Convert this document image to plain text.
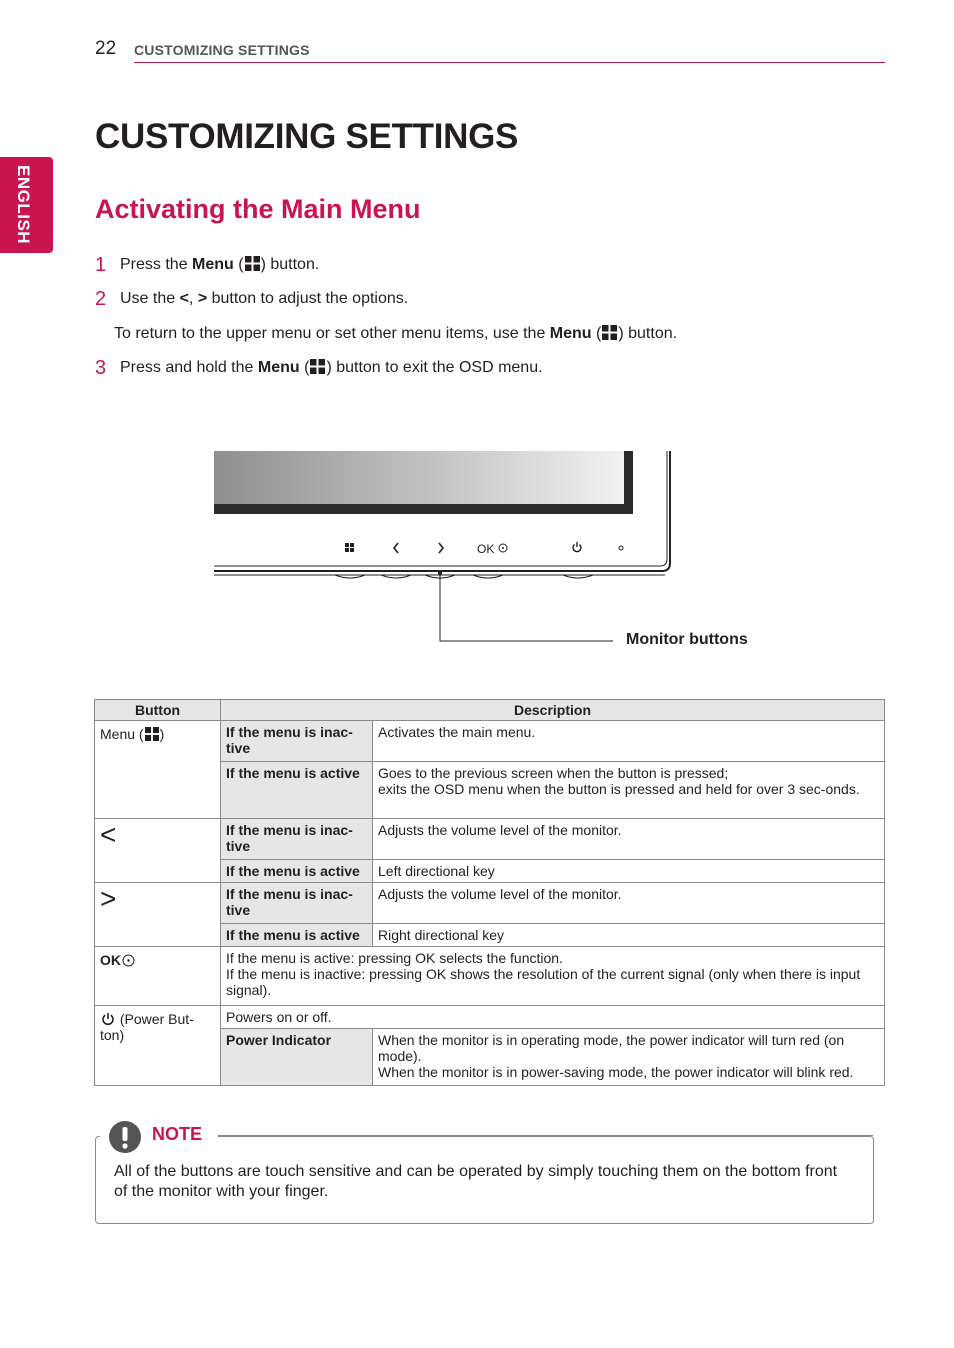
22 CUSTOMIZING SETTINGS
ENGLISH
CUSTOMIZING SETTINGS
Activating the Main Menu
1 Press the Menu ( ) button.
2 Use the <, > button to adjust the options.
To return to the upper menu or set other menu items, use the Menu ( ) button.
3 Press and hold the Menu ( ) button to exit the OSD menu.
OK
Monitor buttons
Button	Description	
Menu ( )	If the menu is inac-tive	Activates the main menu.
	If the menu is active	Goes to the previous screen when the button is pressed;
exits the OSD menu when the button is pressed and held for over 3 sec-onds.

<	If the menu is inac-tive	Adjusts the volume level of the monitor.
	If the menu is active	Left directional key
>	If the menu is inac-tive	Adjusts the volume level of the monitor.
	If the menu is active	Right directional key
OK	If the menu is active: pressing OK selects the function.
If the menu is inactive: pressing OK shows the resolution of the current signal (only when there is input signal).	

(Power But-ton)	Powers on or off.	
	Power Indicator	When the monitor is in operating mode, the power indicator will turn red (on mode).
When the monitor is in power-saving mode, the power indicator will blink red.
NOTE
All of the buttons are touch sensitive and can be operated by simply touching them on the bottom front of the monitor with your finger.
